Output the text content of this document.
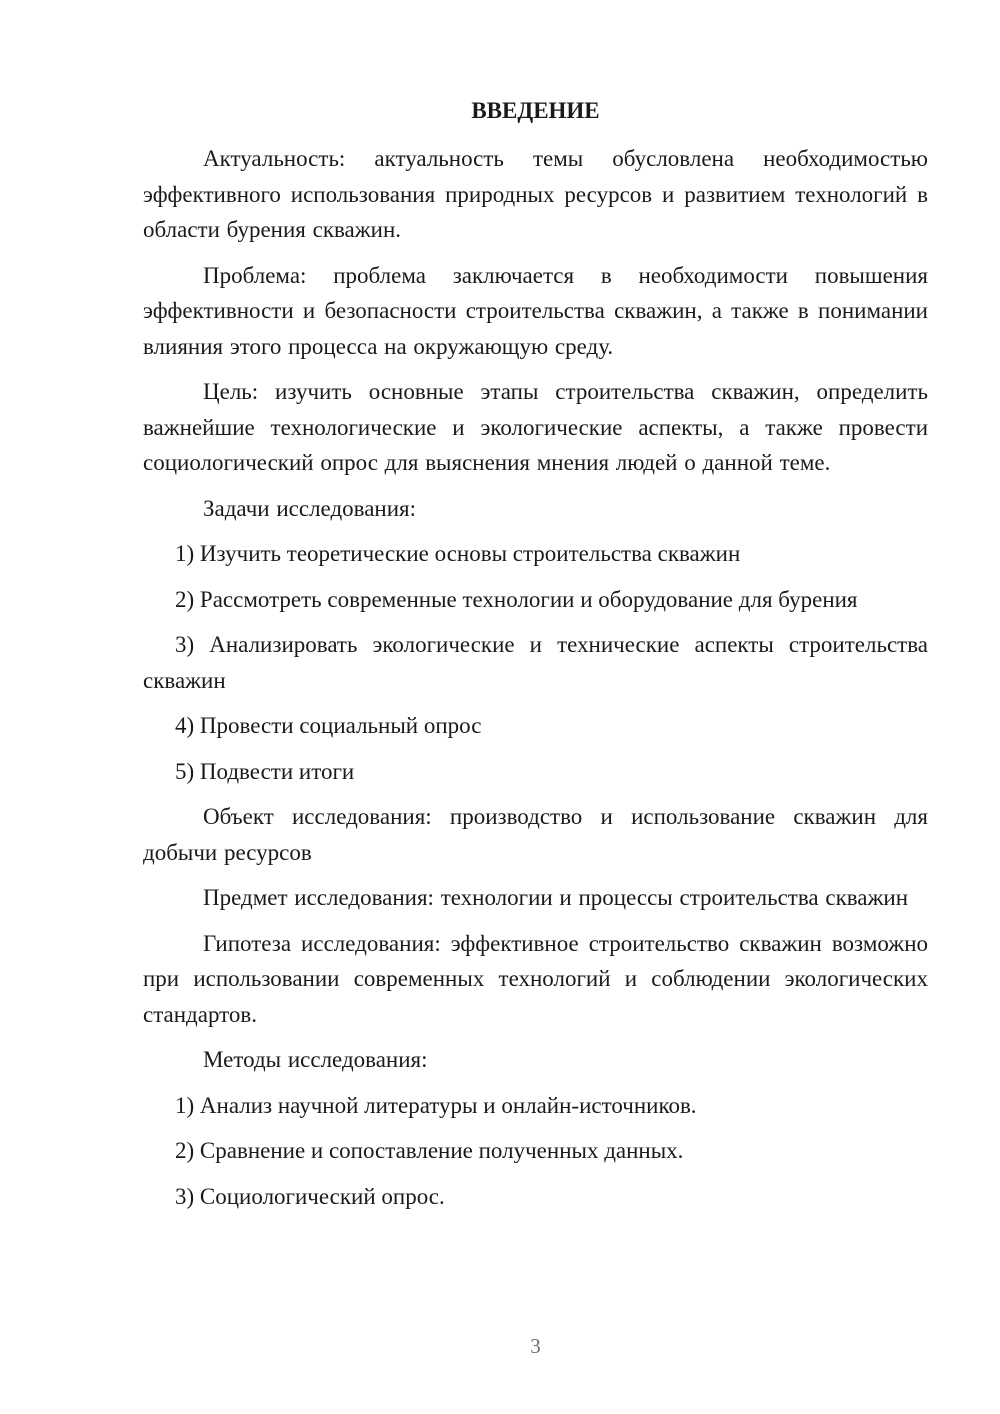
ВВЕДЕНИЕ

Актуальность: актуальность темы обусловлена необходимостью эффективного использования природных ресурсов и развитием технологий в области бурения скважин.

Проблема: проблема заключается в необходимости повышения эффективности и безопасности строительства скважин, а также в понимании влияния этого процесса на окружающую среду.

Цель: изучить основные этапы строительства скважин, определить важнейшие технологические и экологические аспекты, а также провести социологический опрос для выяснения мнения людей о данной теме.

Задачи исследования:

1) Изучить теоретические основы строительства скважин

2) Рассмотреть современные технологии и оборудование для бурения

3) Анализировать экологические и технические аспекты строительства скважин

4) Провести социальный опрос

5) Подвести итоги

Объект исследования: производство и использование скважин для добычи ресурсов

Предмет исследования: технологии и процессы строительства скважин

Гипотеза исследования: эффективное строительство скважин возможно при использовании современных технологий и соблюдении экологических стандартов.

Методы исследования:

1) Анализ научной литературы и онлайн-источников.

2) Сравнение и сопоставление полученных данных.

3) Социологический опрос.

3
